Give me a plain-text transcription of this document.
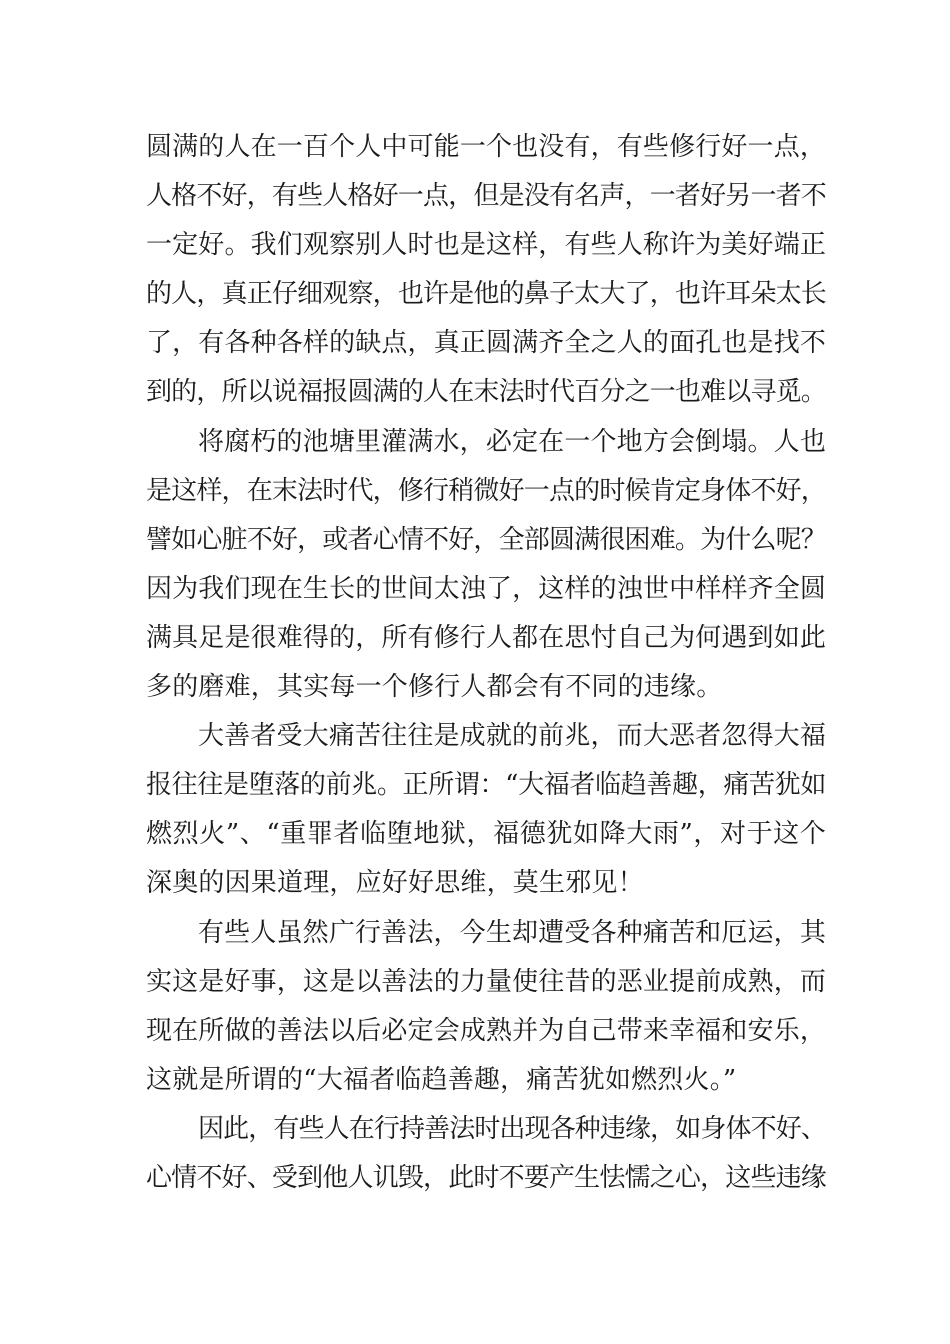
圆满的人在一百个人中可能一个也没有，有些修行好一点，
人格不好，有些人格好一点，但是没有名声，一者好另一者不
一定好。我们观察别人时也是这样，有些人称许为美好端正
的人，真正仔细观察，也许是他的鼻子太大了，也许耳朵太长
了，有各种各样的缺点，真正圆满齐全之人的面孔也是找不
到的，所以说福报圆满的人在末法时代百分之一也难以寻觅。
将腐朽的池塘里灌满水，必定在一个地方会倒塌。人也
是这样，在末法时代，修行稍微好一点的时候肯定身体不好，
譬如心脏不好，或者心情不好，全部圆满很困难。为什么呢？
因为我们现在生长的世间太浊了，这样的浊世中样样齐全圆
满具足是很难得的，所有修行人都在思忖自己为何遇到如此
多的磨难，其实每一个修行人都会有不同的违缘。
大善者受大痛苦往往是成就的前兆，而大恶者忽得大福
报往往是堕落的前兆。正所谓：“大福者临趋善趣，痛苦犹如
燃烈火”、“重罪者临堕地狱，福德犹如降大雨”，对于这个
深奥的因果道理，应好好思维，莫生邪见！
有些人虽然广行善法，今生却遭受各种痛苦和厄运，其
实这是好事，这是以善法的力量使往昔的恶业提前成熟，而
现在所做的善法以后必定会成熟并为自己带来幸福和安乐，
这就是所谓的“大福者临趋善趣，痛苦犹如燃烈火。”
因此，有些人在行持善法时出现各种违缘，如身体不好、
心情不好、受到他人讥毁，此时不要产生怯懦之心，这些违缘
